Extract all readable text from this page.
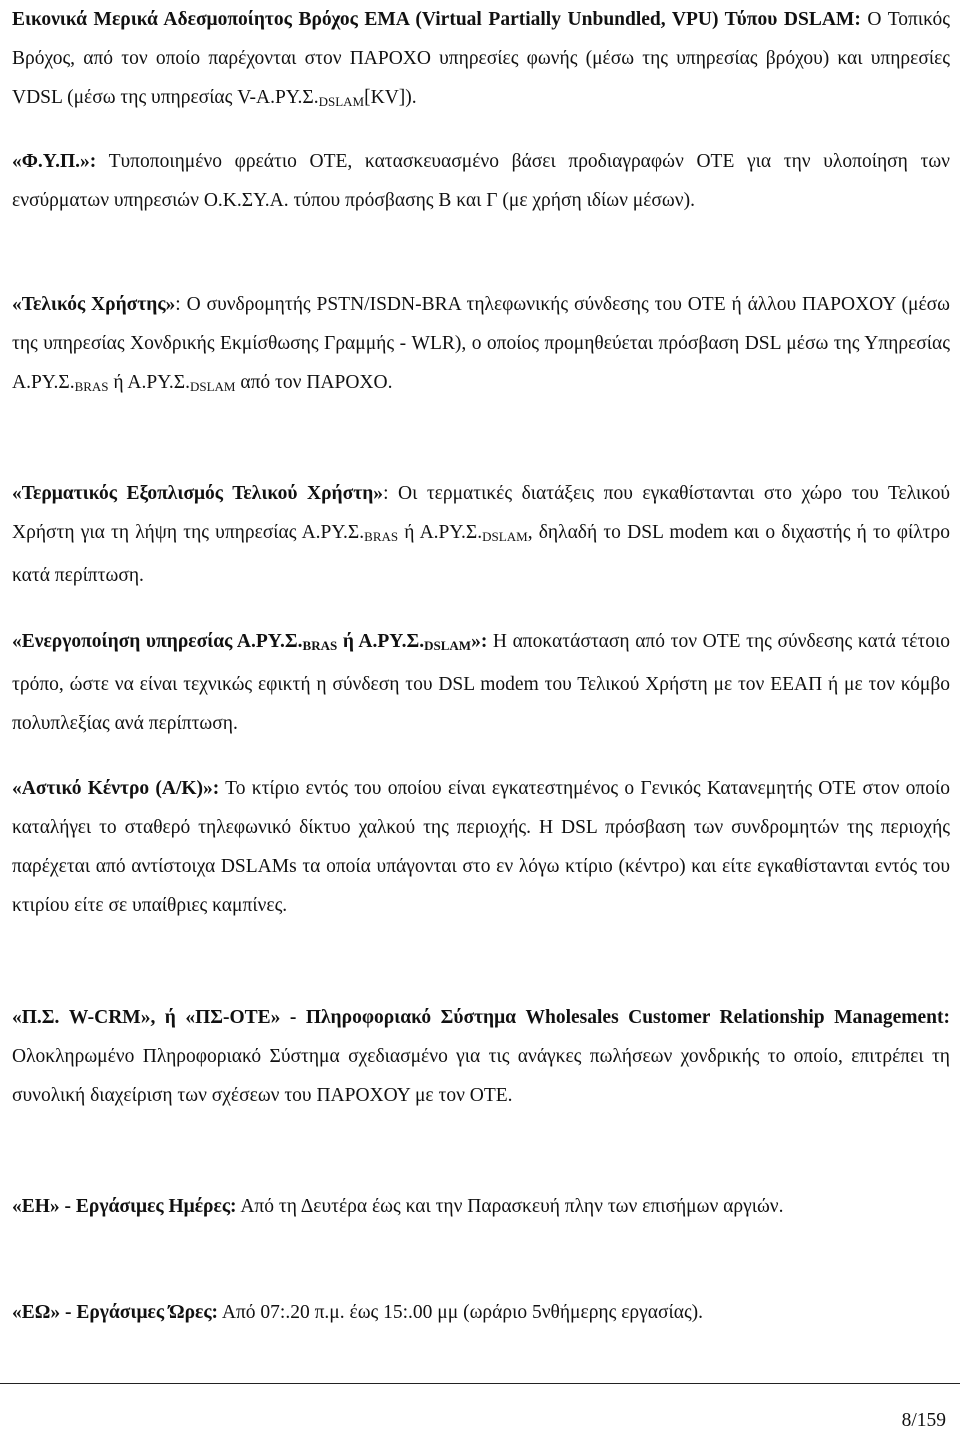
Εικονικά Μερικά Αδεσμοποίητος Βρόχος ΕΜΑ (Virtual Partially Unbundled, VPU) Τύπου DSLAM: Ο Τοπικός Βρόχος, από τον οποίο παρέχονται στον ΠΑΡΟΧΟ υπηρεσίες φωνής (μέσω της υπηρεσίας βρόχου) και υπηρεσίες VDSL (μέσω της υπηρεσίας $V-A.P\Upsilon.\Sigma._{DSLAM}[KV]$).

«Φ.Υ.Π.»: Τυποποιημένο φρεάτιο ΟΤΕ, κατασκευασμένο βάσει προδιαγραφών ΟΤΕ για την υλοποίηση των ενσύρματων υπηρεσιών Ο.Κ.ΣΥ.Α. τύπου πρόσβασης Β και Γ (με χρήση ιδίων μέσων).

«Τελικός Χρήστης»: Ο συνδρομητής PSTN/ISDN-BRA τηλεφωνικής σύνδεσης του ΟΤΕ ή άλλου ΠΑΡΟΧΟΥ (μέσω της υπηρεσίας Χονδρικής Εκμίσθωσης Γραμμής - WLR), ο οποίος προμηθεύεται πρόσβαση DSL μέσω της Υπηρεσίας $A.P\Upsilon.\Sigma._{BRAS}$ ή $A.P\Upsilon.\Sigma._{DSLAM}$ από τον ΠΑΡΟΧΟ.

«Τερματικός Εξοπλισμός Τελικού Χρήστη»: Οι τερματικές διατάξεις που εγκαθίστανται στο χώρο του Τελικού Χρήστη για τη λήψη της υπηρεσίας $A.P\Upsilon.\Sigma._{BRAS}$ ή $A.P\Upsilon.\Sigma._{DSLAM}$, δηλαδή το DSL modem και ο διχαστής ή το φίλτρο κατά περίπτωση.

«Ενεργοποίηση υπηρεσίας $A.P\Upsilon.\Sigma._{BRAS}$ ή $A.P\Upsilon.\Sigma._{DSLAM}$»: Η αποκατάσταση από τον ΟΤΕ της σύνδεσης κατά τέτοιο τρόπο, ώστε να είναι τεχνικώς εφικτή η σύνδεση του DSL modem του Τελικού Χρήστη με τον ΕΕΑΠ ή με τον κόμβο πολυπλεξίας ανά περίπτωση.

«Αστικό Κέντρο (Α/Κ)»: Το κτίριο εντός του οποίου είναι εγκατεστημένος ο Γενικός Κατανεμητής ΟΤΕ στον οποίο καταλήγει το σταθερό τηλεφωνικό δίκτυο χαλκού της περιοχής. Η DSL πρόσβαση των συνδρομητών της περιοχής παρέχεται από αντίστοιχα DSLAMs τα οποία υπάγονται στο εν λόγω κτίριο (κέντρο) και είτε εγκαθίστανται εντός του κτιρίου είτε σε υπαίθριες καμπίνες.

«Π.Σ. W-CRM», ή «ΠΣ-ΟΤΕ» - Πληροφοριακό Σύστημα Wholesales Customer Relationship Management: Ολοκληρωμένο Πληροφοριακό Σύστημα σχεδιασμένο για τις ανάγκες πωλήσεων χονδρικής το οποίο, επιτρέπει τη συνολική διαχείριση των σχέσεων του ΠΑΡΟΧΟΥ με τον ΟΤΕ.

«ΕΗ» - Εργάσιμες Ημέρες: Από τη Δευτέρα έως και την Παρασκευή πλην των επισήμων αργιών.

«ΕΩ» - Εργάσιμες Ώρες: Από 07:.20 π.μ. έως 15:.00 μμ (ωράριο 5νθήμερης εργασίας).

8/159
